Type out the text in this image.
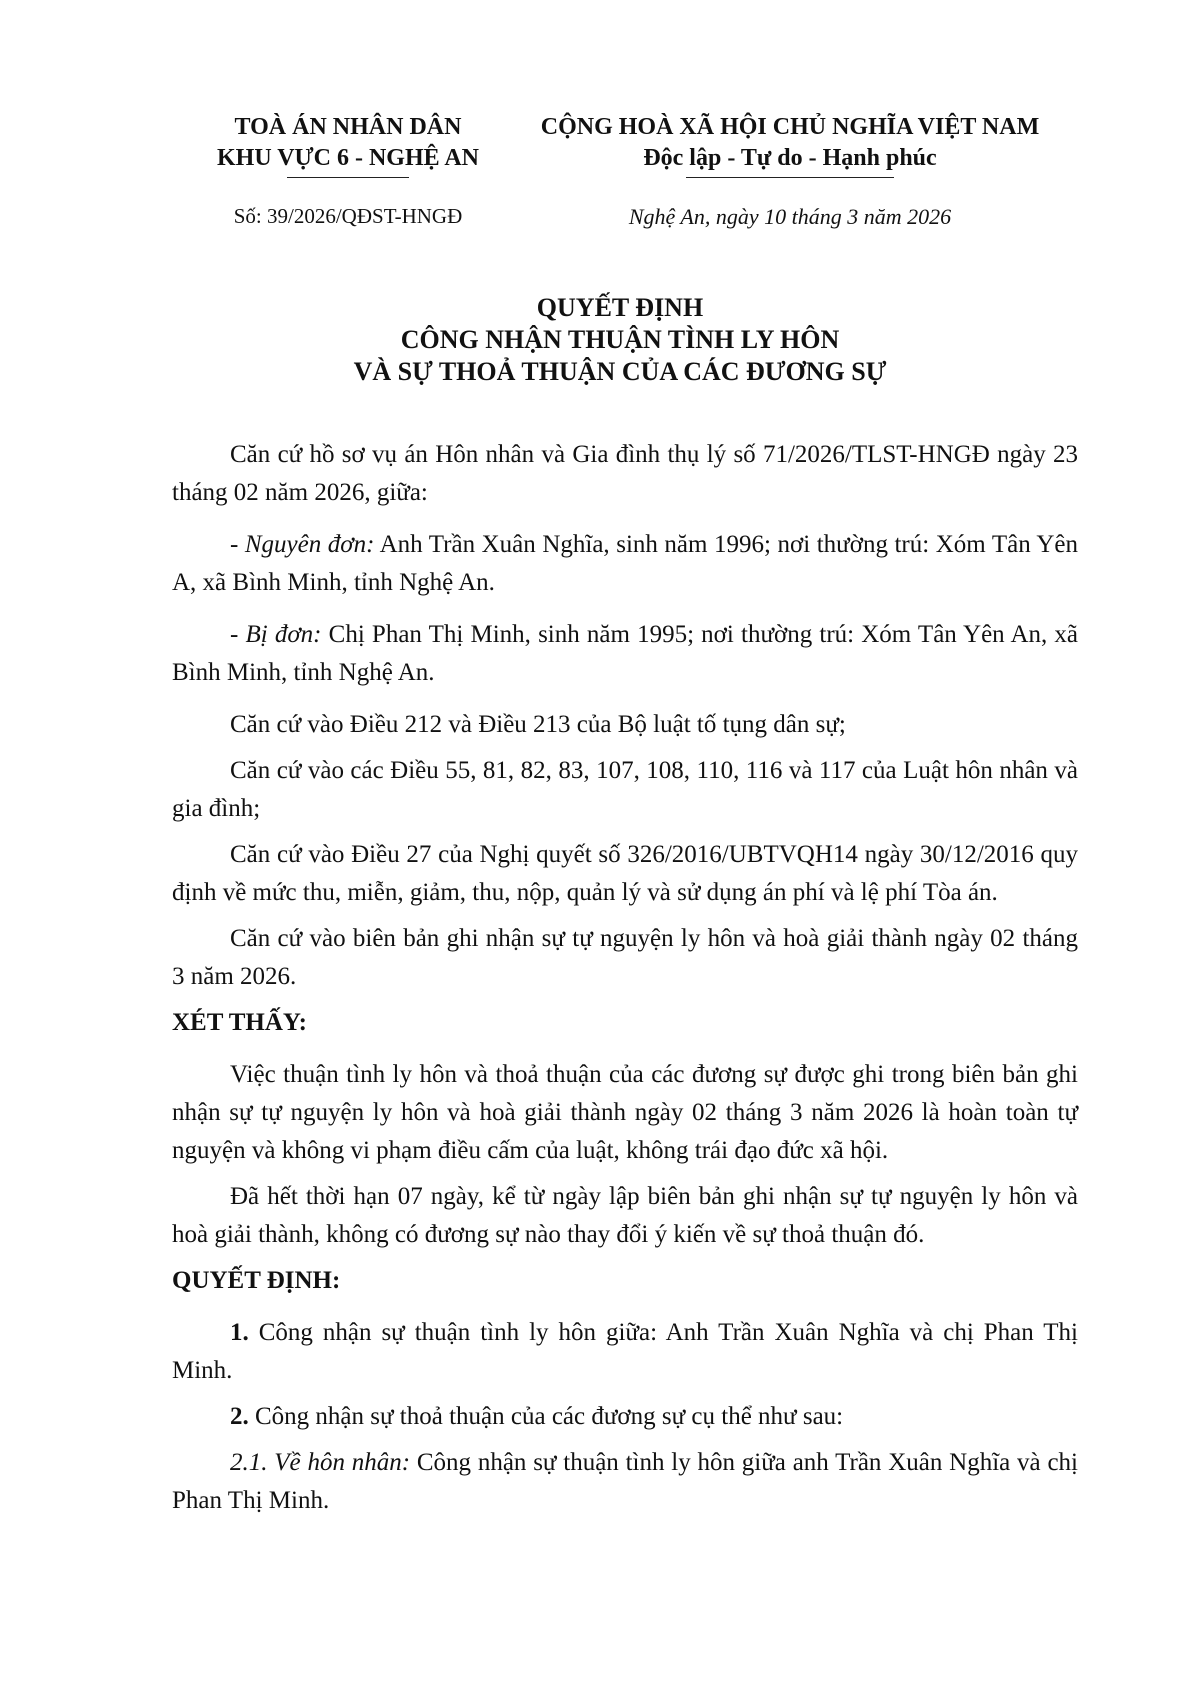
TOÀ ÁN NHÂN DÂN
KHU VỰC 6 - NGHỆ AN
Số: 39/2026/QĐST-HNGĐ
CỘNG HOÀ XÃ HỘI CHỦ NGHĨA VIỆT NAM
Độc lập - Tự do - Hạnh phúc
Nghệ An, ngày 10 tháng 3 năm 2026

QUYẾT ĐỊNH

CÔNG NHẬN THUẬN TÌNH LY HÔN

VÀ SỰ THOẢ THUẬN CỦA CÁC ĐƯƠNG SỰ

Căn cứ hồ sơ vụ án Hôn nhân và Gia đình thụ lý số 71/2026/TLST-HNGĐ ngày 23 tháng 02 năm 2026, giữa:

- Nguyên đơn: Anh Trần Xuân Nghĩa, sinh năm 1996; nơi thường trú: Xóm Tân Yên A, xã Bình Minh, tỉnh Nghệ An.

- Bị đơn: Chị Phan Thị Minh, sinh năm 1995; nơi thường trú: Xóm Tân Yên An, xã Bình Minh, tỉnh Nghệ An.

Căn cứ vào Điều 212 và Điều 213 của Bộ luật tố tụng dân sự;

Căn cứ vào các Điều 55, 81, 82, 83, 107, 108, 110, 116 và 117 của Luật hôn nhân và gia đình;

Căn cứ vào Điều 27 của Nghị quyết số 326/2016/UBTVQH14 ngày 30/12/2016 quy định về mức thu, miễn, giảm, thu, nộp, quản lý và sử dụng án phí và lệ phí Tòa án.

Căn cứ vào biên bản ghi nhận sự tự nguyện ly hôn và hoà giải thành ngày 02 tháng 3 năm 2026.

XÉT THẤY:

Việc thuận tình ly hôn và thoả thuận của các đương sự được ghi trong biên bản ghi nhận sự tự nguyện ly hôn và hoà giải thành ngày 02 tháng 3 năm 2026 là hoàn toàn tự nguyện và không vi phạm điều cấm của luật, không trái đạo đức xã hội.

Đã hết thời hạn 07 ngày, kể từ ngày lập biên bản ghi nhận sự tự nguyện ly hôn và hoà giải thành, không có đương sự nào thay đổi ý kiến về sự thoả thuận đó.

QUYẾT ĐỊNH:

1. Công nhận sự thuận tình ly hôn giữa: Anh Trần Xuân Nghĩa và chị Phan Thị Minh.

2. Công nhận sự thoả thuận của các đương sự cụ thể như sau:

2.1. Về hôn nhân: Công nhận sự thuận tình ly hôn giữa anh Trần Xuân Nghĩa và chị Phan Thị Minh.
